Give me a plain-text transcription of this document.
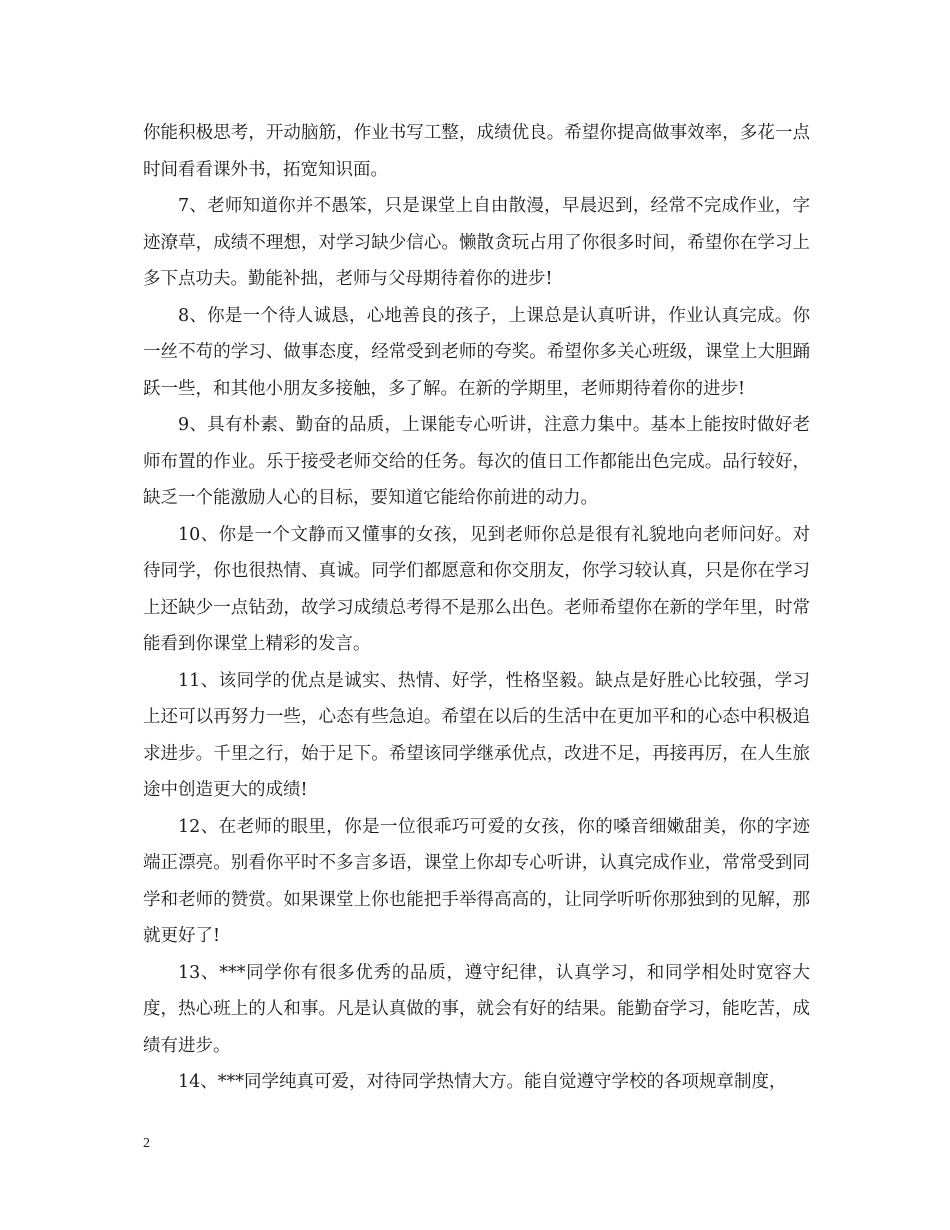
你能积极思考，开动脑筋，作业书写工整，成绩优良。希望你提高做事效率，多花一点时间看看课外书，拓宽知识面。

7、老师知道你并不愚笨，只是课堂上自由散漫，早晨迟到，经常不完成作业，字迹潦草，成绩不理想，对学习缺少信心。懒散贪玩占用了你很多时间，希望你在学习上多下点功夫。勤能补拙，老师与父母期待着你的进步!

8、你是一个待人诚恳，心地善良的孩子，上课总是认真听讲，作业认真完成。你一丝不苟的学习、做事态度，经常受到老师的夸奖。希望你多关心班级，课堂上大胆踊跃一些，和其他小朋友多接触，多了解。在新的学期里，老师期待着你的进步!

9、具有朴素、勤奋的品质，上课能专心听讲，注意力集中。基本上能按时做好老师布置的作业。乐于接受老师交给的任务。每次的值日工作都能出色完成。品行较好，缺乏一个能激励人心的目标，要知道它能给你前进的动力。

10、你是一个文静而又懂事的女孩，见到老师你总是很有礼貌地向老师问好。对待同学，你也很热情、真诚。同学们都愿意和你交朋友，你学习较认真，只是你在学习上还缺少一点钻劲，故学习成绩总考得不是那么出色。老师希望你在新的学年里，时常能看到你课堂上精彩的发言。

11、该同学的优点是诚实、热情、好学，性格坚毅。缺点是好胜心比较强，学习上还可以再努力一些，心态有些急迫。希望在以后的生活中在更加平和的心态中积极追求进步。千里之行，始于足下。希望该同学继承优点，改进不足，再接再厉，在人生旅途中创造更大的成绩!

12、在老师的眼里，你是一位很乖巧可爱的女孩，你的嗓音细嫩甜美，你的字迹端正漂亮。别看你平时不多言多语，课堂上你却专心听讲，认真完成作业，常常受到同学和老师的赞赏。如果课堂上你也能把手举得高高的，让同学听听你那独到的见解，那就更好了!

13、***同学你有很多优秀的品质，遵守纪律，认真学习，和同学相处时宽容大度，热心班上的人和事。凡是认真做的事，就会有好的结果。能勤奋学习，能吃苦，成绩有进步。

14、***同学纯真可爱，对待同学热情大方。能自觉遵守学校的各项规章制度，

2
